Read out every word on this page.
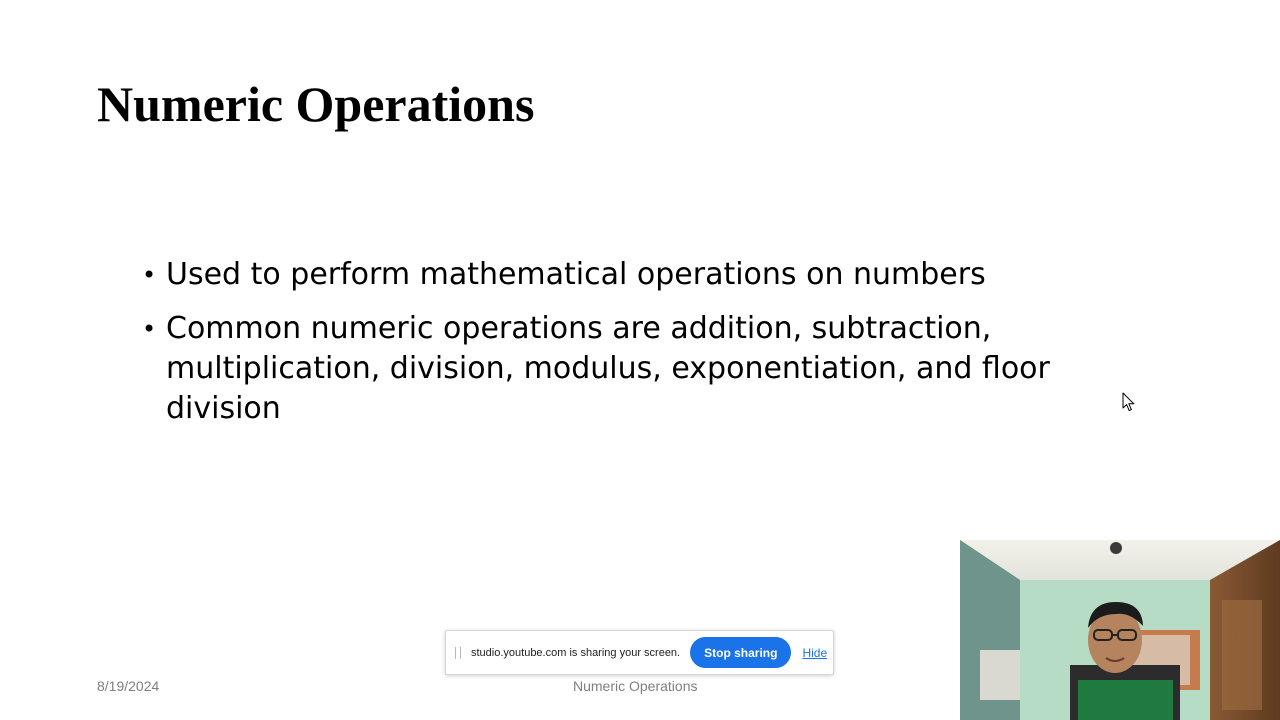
Numeric Operations
• Used to perform mathematical operations on numbers
• Common numeric operations are addition, subtraction, multiplication, division, modulus, exponentiation, and floor division
8/19/2024	Numeric Operations
studio.youtube.com is sharing your screen.	Stop sharing	Hide
